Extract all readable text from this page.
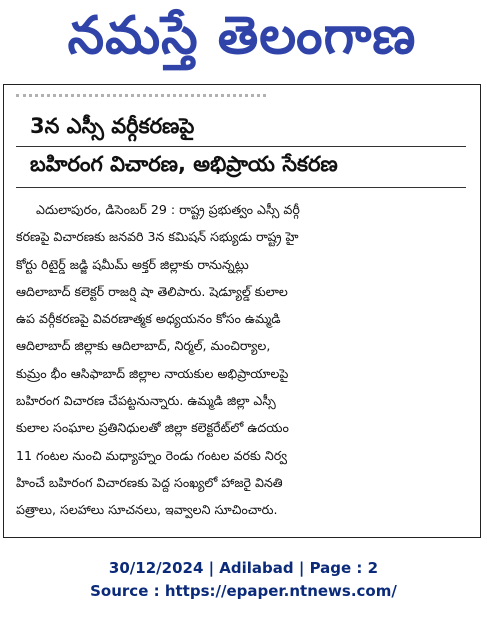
నమస్తే తెలంగాణ
3న ఎస్సీ వర్గీకరణపై
బహిరంగ విచారణ, అభిప్రాయ సేకరణ
ఎదులాపురం, డిసెంబర్ 29 : రాష్ట్ర ప్రభుత్వం ఎస్సీ వర్గీ
కరణపై విచారణకు జనవరి 3న కమిషన్ సభ్యుడు రాష్ట్ర హై
కోర్టు రిటైర్డ్ జడ్జి షమీమ్ అక్తర్ జిల్లాకు రానున్నట్లు
ఆదిలాబాద్ కలెక్టర్ రాజర్షి షా తెలిపారు. షెడ్యూల్డ్ కులాల
ఉప వర్గీకరణపై వివరణాత్మక అధ్యయనం కోసం ఉమ్మడి
ఆదిలాబాద్ జిల్లాకు ఆదిలాబాద్, నిర్మల్, మంచిర్యాల,
కుమ్రం భీం ఆసిఫాబాద్ జిల్లాల నాయకుల అభిప్రాయాలపై
బహిరంగ విచారణ చేపట్టనున్నారు. ఉమ్మడి జిల్లా ఎస్సీ
కులాల సంఘాల ప్రతినిధులతో జిల్లా కలెక్టరేట్‌లో ఉదయం
11 గంటల నుంచి మధ్యాహ్నం రెండు గంటల వరకు నిర్వ
హించే బహిరంగ విచారణకు పెద్ద సంఖ్యలో హాజరై వినతి
పత్రాలు, సలహాలు సూచనలు, ఇవ్వాలని సూచించారు.
30/12/2024 | Adilabad | Page : 2
Source : https://epaper.ntnews.com/
